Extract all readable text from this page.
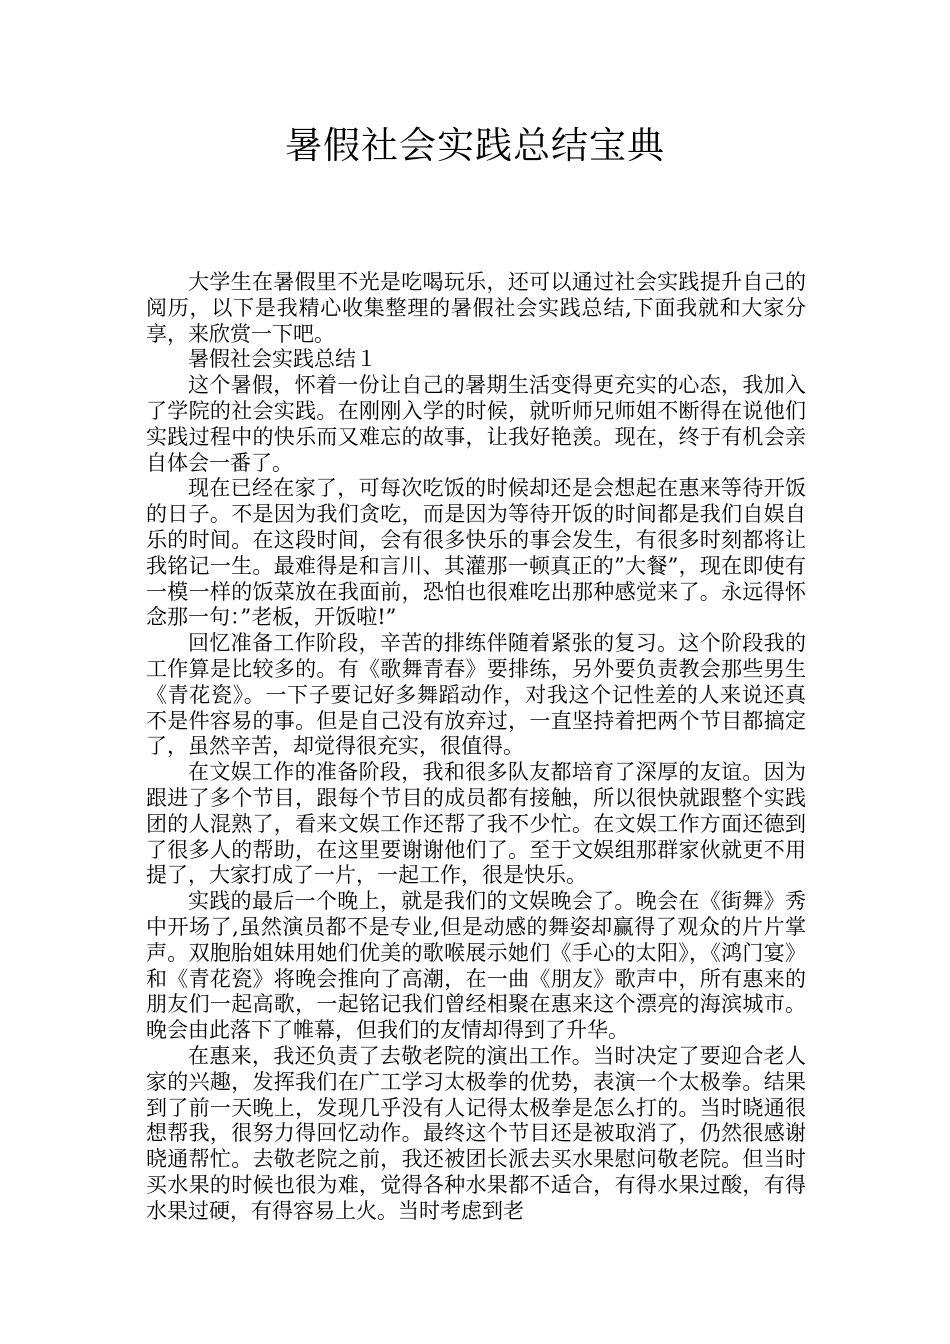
暑假社会实践总结宝典

大学生在暑假里不光是吃喝玩乐，还可以通过社会实践提升自己的阅历，以下是我精心收集整理的暑假社会实践总结,下面我就和大家分享，来欣赏一下吧。

暑假社会实践总结１

这个暑假，怀着一份让自己的暑期生活变得更充实的心态，我加入了学院的社会实践。在刚刚入学的时候，就听师兄师姐不断得在说他们实践过程中的快乐而又难忘的故事，让我好艳羡。现在，终于有机会亲自体会一番了。

现在已经在家了，可每次吃饭的时候却还是会想起在惠来等待开饭的日子。不是因为我们贪吃，而是因为等待开饭的时间都是我们自娱自乐的时间。在这段时间，会有很多快乐的事会发生，有很多时刻都将让我铭记一生。最难得是和言川、其灌那一顿真正的”大餐”，现在即使有一模一样的饭菜放在我面前，恐怕也很难吃出那种感觉来了。永远得怀念那一句：”老板，开饭啦!”

回忆准备工作阶段，辛苦的排练伴随着紧张的复习。这个阶段我的工作算是比较多的。有《歌舞青春》要排练，另外要负责教会那些男生《青花瓷》。一下子要记好多舞蹈动作，对我这个记性差的人来说还真不是件容易的事。但是自己没有放弃过，一直坚持着把两个节目都搞定了，虽然辛苦，却觉得很充实，很值得。

在文娱工作的准备阶段，我和很多队友都培育了深厚的友谊。因为跟进了多个节目，跟每个节目的成员都有接触，所以很快就跟整个实践团的人混熟了，看来文娱工作还帮了我不少忙。在文娱工作方面还德到了很多人的帮助，在这里要谢谢他们了。至于文娱组那群家伙就更不用提了，大家打成了一片，一起工作，很是快乐。

实践的最后一个晚上，就是我们的文娱晚会了。晚会在《街舞》秀中开场了,虽然演员都不是专业,但是动感的舞姿却赢得了观众的片片掌声。双胞胎姐妹用她们优美的歌喉展示她们《手心的太阳》，《鸿门宴》和《青花瓷》将晚会推向了高潮，在一曲《朋友》歌声中，所有惠来的朋友们一起高歌，一起铭记我们曾经相聚在惠来这个漂亮的海滨城市。晚会由此落下了帷幕，但我们的友情却得到了升华。

在惠来，我还负责了去敬老院的演出工作。当时决定了要迎合老人家的兴趣，发挥我们在广工学习太极拳的优势，表演一个太极拳。结果到了前一天晚上，发现几乎没有人记得太极拳是怎么打的。当时晓通很想帮我，很努力得回忆动作。最终这个节目还是被取消了，仍然很感谢晓通帮忙。去敬老院之前，我还被团长派去买水果慰问敬老院。但当时买水果的时候也很为难，觉得各种水果都不适合，有得水果过酸，有得水果过硬，有得容易上火。当时考虑到老
